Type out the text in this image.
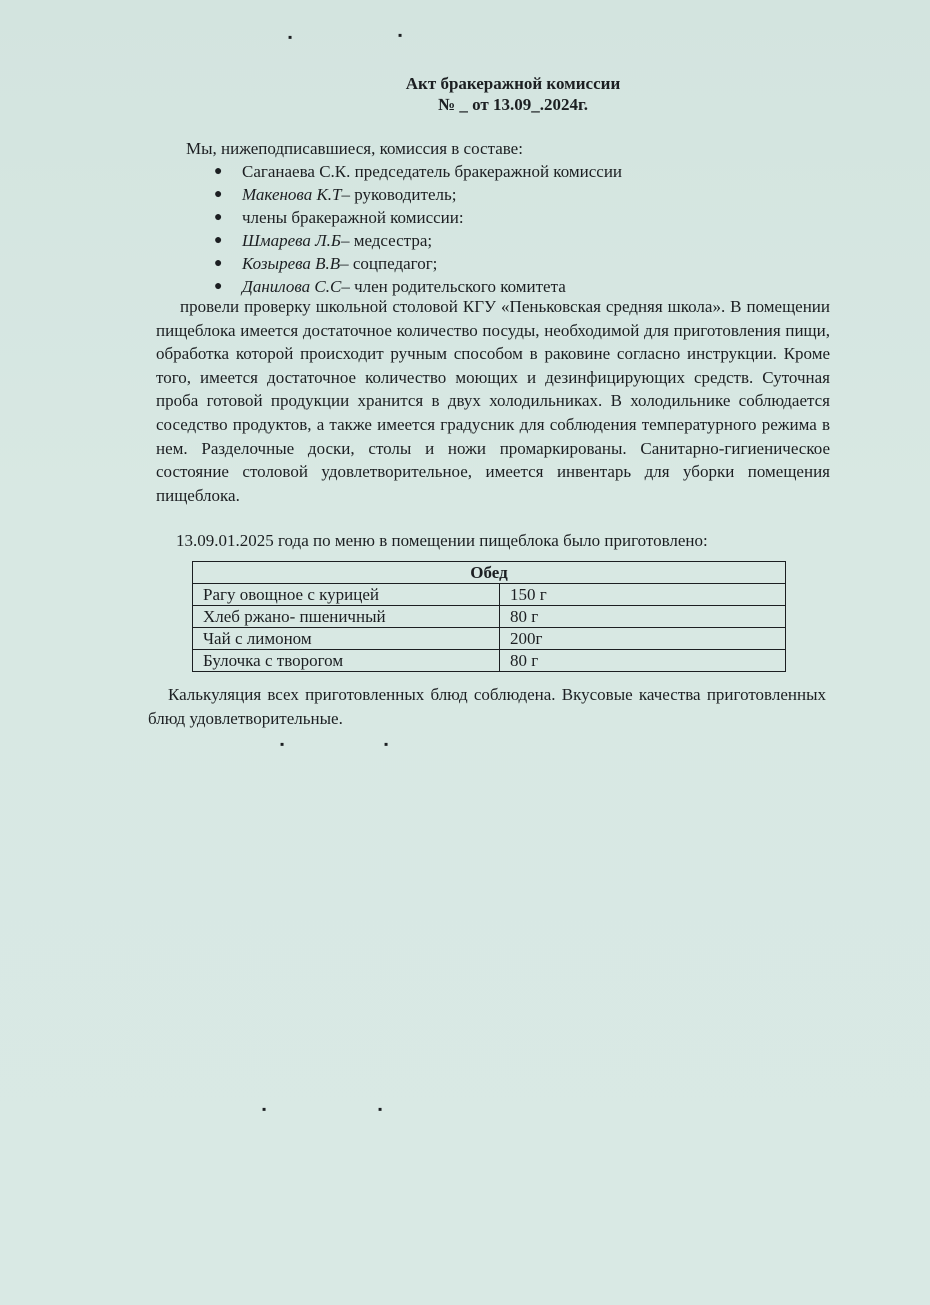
Акт бракеражной комиссии
№ _ от 13.09_.2024г.
Мы, нижеподписавшиеся, комиссия в составе:
● Саганаева С.К. председатель бракеражной комиссии
● Макенова К.Т– руководитель;
● члены бракеражной комиссии:
● Шмарева Л.Б– медсестра;
● Козырева В.В– соцпедагог;
● Данилова С.С– член родительского комитета
провели проверку школьной столовой КГУ «Пеньковская средняя школа». В помещении пищеблока имеется достаточное количество посуды, необходимой для приготовления пищи, обработка которой происходит ручным способом в раковине согласно инструкции. Кроме того, имеется достаточное количество моющих и дезинфицирующих средств. Суточная проба готовой продукции хранится в двух холодильниках. В холодильнике соблюдается соседство продуктов, а также имеется градусник для соблюдения температурного режима в нем. Разделочные доски, столы и ножи промаркированы. Санитарно-гигиеническое состояние столовой удовлетворительное, имеется инвентарь для уборки помещения пищеблока.
13.09.01.2025 года по меню в помещении пищеблока было приготовлено:
Обед	
Рагу овощное с курицей	150 г
Хлеб ржано- пшеничный	80 г
Чай с лимоном	200г
Булочка с творогом	80 г
Калькуляция всех приготовленных блюд соблюдена. Вкусовые качества приготовленных блюд удовлетворительные.
▪	▪
▪	▪
▪	▪
